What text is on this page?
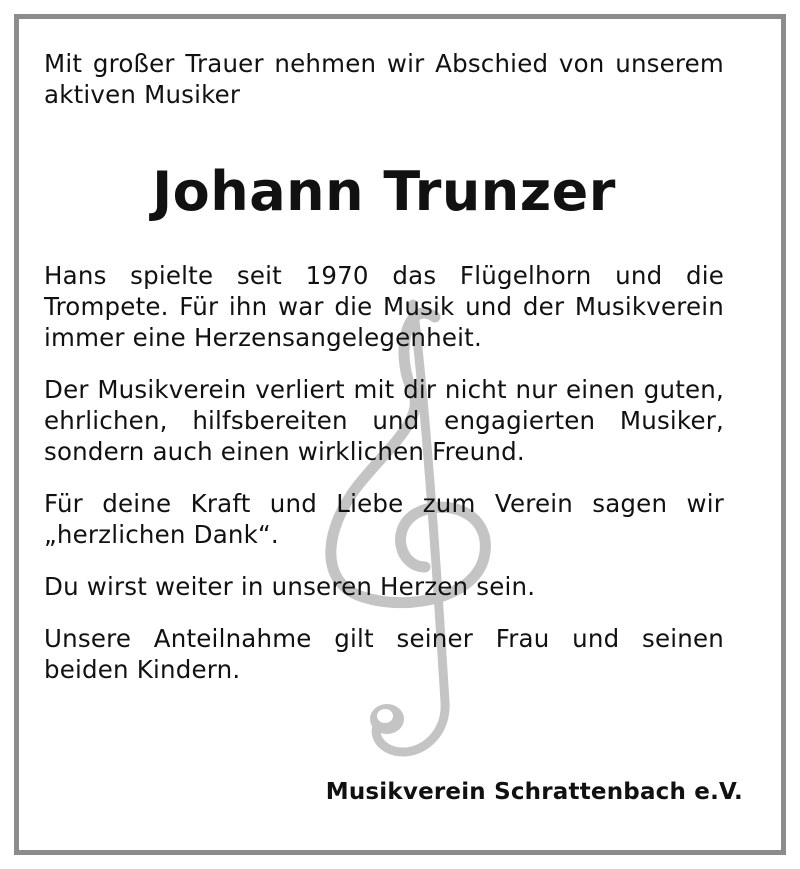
Mit großer Trauer nehmen wir Abschied von unserem aktiven Musiker

Johann Trunzer

Hans spielte seit 1970 das Flügelhorn und die Trompete. Für ihn war die Musik und der Musikverein immer eine Herzensangelegenheit.

Der Musikverein verliert mit dir nicht nur einen guten, ehrlichen, hilfsbereiten und engagierten Musiker, sondern auch einen wirklichen Freund.

Für deine Kraft und Liebe zum Verein sagen wir „herzlichen Dank“.

Du wirst weiter in unseren Herzen sein.

Unsere Anteilnahme gilt seiner Frau und seinen beiden Kindern.

Musikverein Schrattenbach e.V.
